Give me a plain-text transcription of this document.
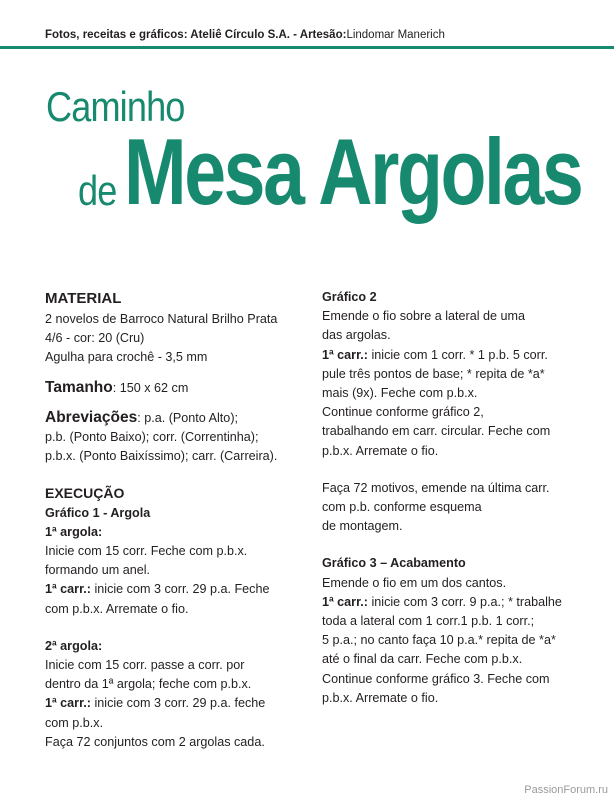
Fotos, receitas e gráficos: Ateliê Círculo S.A. - Artesão:Lindomar Manerich
Caminho
de Mesa Argolas

MATERIAL

2 novelos de Barroco Natural Brilho Prata

4/6 - cor: 20 (Cru)

Agulha para crochê - 3,5 mm

Tamanho: 150 x 62 cm

Abreviações: p.a. (Ponto Alto);

p.b. (Ponto Baixo); corr. (Correntinha);

p.b.x. (Ponto Baixíssimo); carr. (Carreira).

EXECUÇÃO

Gráfico 1 - Argola

1ª argola:

Inicie com 15 corr. Feche com p.b.x.

formando um anel.

1ª carr.: inicie com 3 corr. 29 p.a. Feche

com p.b.x. Arremate o fio.

2ª argola:

Inicie com 15 corr. passe a corr. por

dentro da 1ª argola; feche com p.b.x.

1ª carr.: inicie com 3 corr. 29 p.a. feche

com p.b.x.

Faça 72 conjuntos com 2 argolas cada.

Gráfico 2

Emende o fio sobre a lateral de uma

das argolas.

1ª carr.: inicie com 1 corr. * 1 p.b. 5 corr.

pule três pontos de base; * repita de *a*

mais (9x). Feche com p.b.x.

Continue conforme gráfico 2,

trabalhando em carr. circular. Feche com

p.b.x. Arremate o fio.

Faça 72 motivos, emende na última carr.

com p.b. conforme esquema

de montagem.

Gráfico 3 – Acabamento

Emende o fio em um dos cantos.

1ª carr.: inicie com 3 corr. 9 p.a.; * trabalhe

toda a lateral com 1 corr.1 p.b. 1 corr.;

5 p.a.; no canto faça 10 p.a.* repita de *a*

até o final da carr. Feche com p.b.x.

Continue conforme gráfico 3. Feche com

p.b.x. Arremate o fio.

PassionForum.ru
